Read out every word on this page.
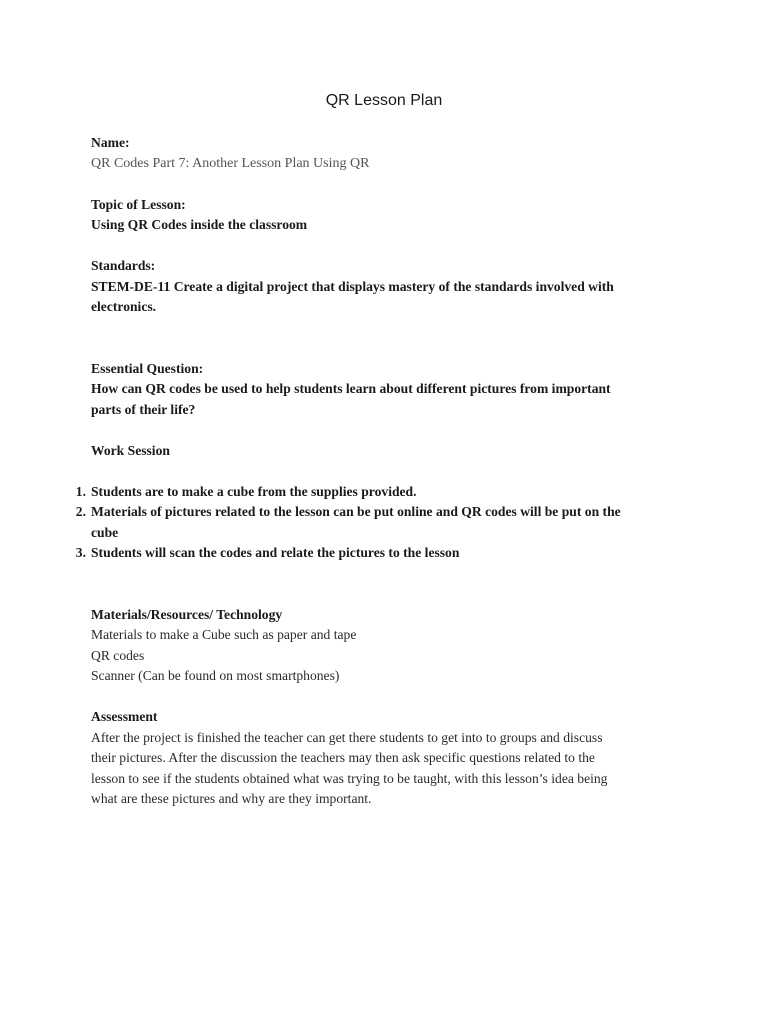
QR Lesson Plan
Name:
QR Codes Part 7: Another Lesson Plan Using QR
Topic of Lesson:
Using QR Codes inside the classroom
Standards:
STEM-DE-11 Create a digital project that displays mastery of the standards involved with
electronics.
Essential Question:
How can QR codes be used to help students learn about different pictures from important
parts of their life?
Work Session
1. Students are to make a cube from the supplies provided.
2. Materials of pictures related to the lesson can be put online and QR codes will be put on the
cube
3. Students will scan the codes and relate the pictures to the lesson
Materials/Resources/ Technology
Materials to make a Cube such as paper and tape
QR codes
Scanner (Can be found on most smartphones)
Assessment
After the project is finished the teacher can get there students to get into to groups and discuss
their pictures. After the discussion the teachers may then ask specific questions related to the
lesson to see if the students obtained what was trying to be taught, with this lesson’s idea being
what are these pictures and why are they important.
